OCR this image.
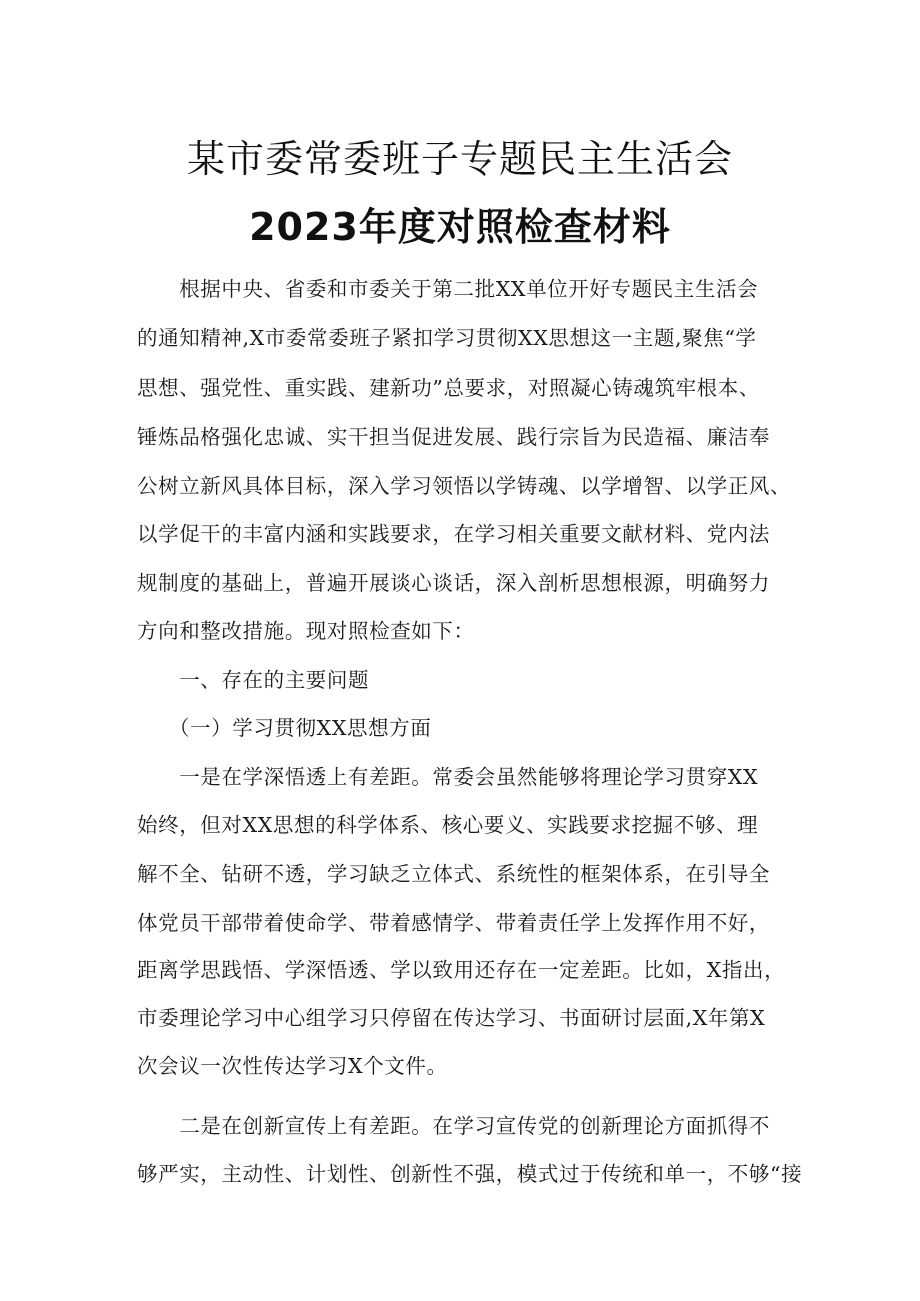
某市委常委班子专题民主生活会
2023年度对照检查材料
　　根据中央、省委和市委关于第二批XX单位开好专题民主生活会
的通知精神,X市委常委班子紧扣学习贯彻XX思想这一主题,聚焦“学
思想、强党性、重实践、建新功”总要求，对照凝心铸魂筑牢根本、
锤炼品格强化忠诚、实干担当促进发展、践行宗旨为民造福、廉洁奉
公树立新风具体目标，深入学习领悟以学铸魂、以学增智、以学正风、
以学促干的丰富内涵和实践要求，在学习相关重要文献材料、党内法
规制度的基础上，普遍开展谈心谈话，深入剖析思想根源，明确努力
方向和整改措施。现对照检查如下：
　　一、存在的主要问题
　　（一）学习贯彻XX思想方面
　　一是在学深悟透上有差距。常委会虽然能够将理论学习贯穿XX
始终，但对XX思想的科学体系、核心要义、实践要求挖掘不够、理
解不全、钻研不透，学习缺乏立体式、系统性的框架体系，在引导全
体党员干部带着使命学、带着感情学、带着责任学上发挥作用不好，
距离学思践悟、学深悟透、学以致用还存在一定差距。比如，X指出，
市委理论学习中心组学习只停留在传达学习、书面研讨层面,X年第X
次会议一次性传达学习X个文件。
　　二是在创新宣传上有差距。在学习宣传党的创新理论方面抓得不
够严实，主动性、计划性、创新性不强，模式过于传统和单一，不够“接
